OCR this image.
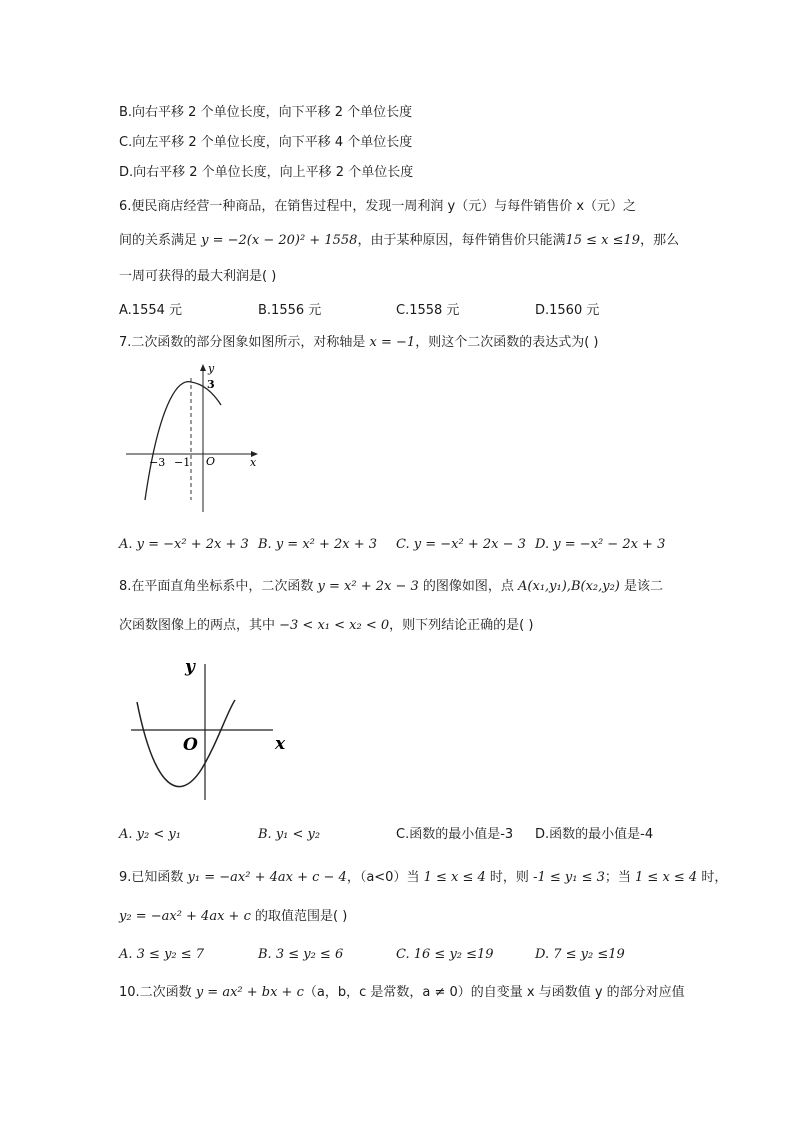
B.向右平移 2 个单位长度，向下平移 2 个单位长度
C.向左平移 2 个单位长度，向下平移 4 个单位长度
D.向右平移 2 个单位长度，向上平移 2 个单位长度
6.便民商店经营一种商品，在销售过程中，发现一周利润 y（元）与每件销售价 x（元）之
间的关系满足 y = −2(x − 20)² + 1558，由于某种原因，每件销售价只能满15 ≤ x ≤19，那么
一周可获得的最大利润是( )
A.1554 元	B.1556 元	C.1558 元	D.1560 元
7.二次函数的部分图象如图所示，对称轴是 x = −1，则这个二次函数的表达式为( )
y
3
x
−3 −1 O
A. y = −x² + 2x + 3 B. y = x² + 2x + 3 C. y = −x² + 2x − 3 D. y = −x² − 2x + 3
8.在平面直角坐标系中，二次函数 y = x² + 2x − 3 的图像如图，点 A(x₁,y₁),B(x₂,y₂) 是该二
次函数图像上的两点，其中 −3 < x₁ < x₂ < 0，则下列结论正确的是( )
y
x
O
A. y₂ < y₁	B. y₁ < y₂	C.函数的最小值是-3 D.函数的最小值是-4
9.已知函数 y₁ = −ax² + 4ax + c − 4，（a<0）当 1 ≤ x ≤ 4 时，则 -1 ≤ y₁ ≤ 3；当 1 ≤ x ≤ 4 时，
y₂ = −ax² + 4ax + c 的取值范围是( )
A. 3 ≤ y₂ ≤ 7	B. 3 ≤ y₂ ≤ 6	C. 16 ≤ y₂ ≤19	D. 7 ≤ y₂ ≤19
10.二次函数 y = ax² + bx + c（a，b，c 是常数，a ≠ 0）的自变量 x 与函数值 y 的部分对应值
